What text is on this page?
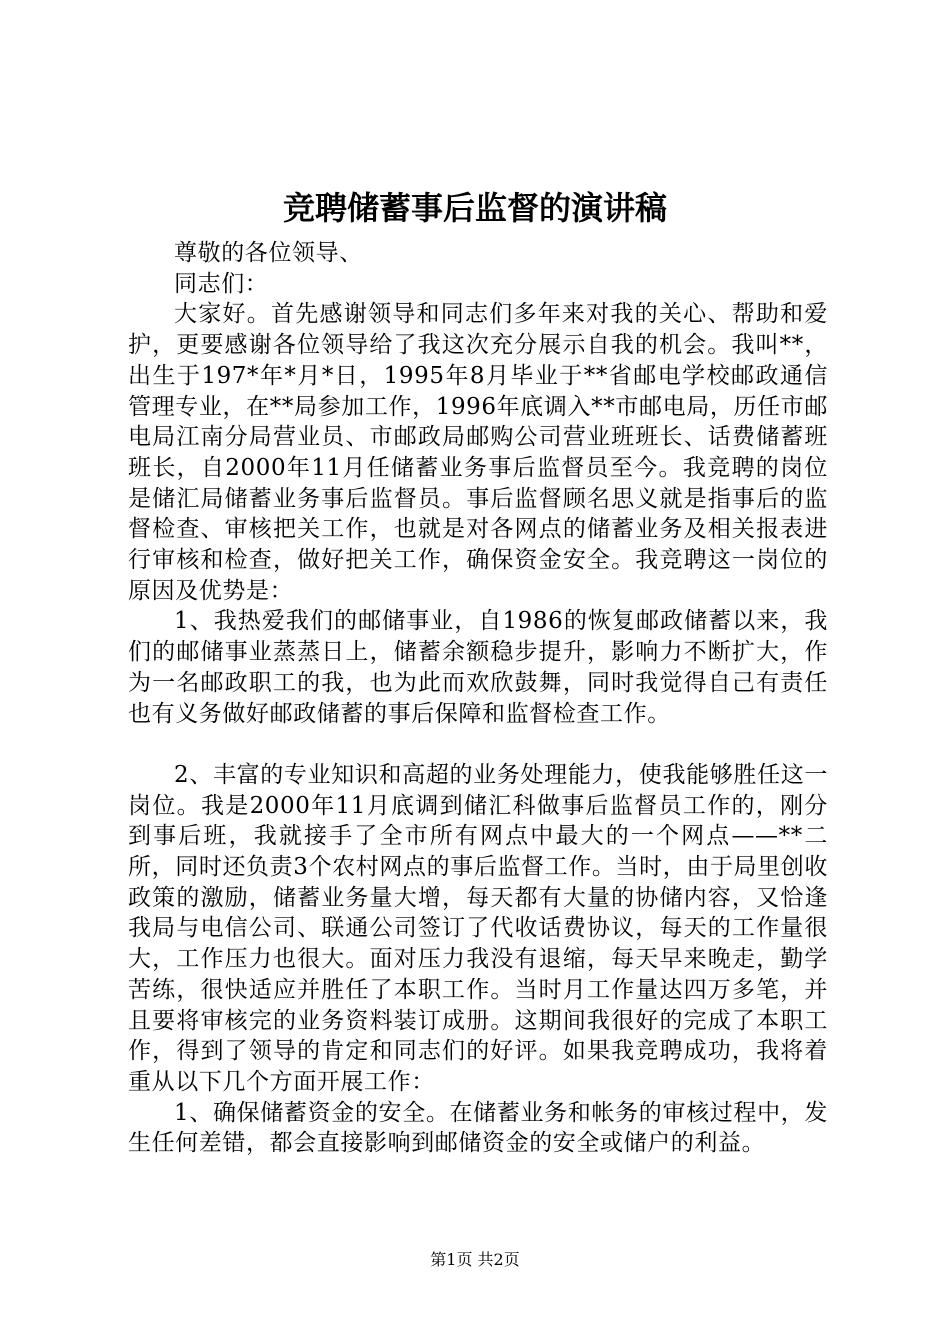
竞聘储蓄事后监督的演讲稿

尊敬的各位领导、

同志们：

大家好。首先感谢领导和同志们多年来对我的关心、帮助和爱护，更要感谢各位领导给了我这次充分展示自我的机会。我叫**，出生于197*年*月*日，1995年8月毕业于**省邮电学校邮政通信管理专业，在**局参加工作，1996年底调入**市邮电局，历任市邮电局江南分局营业员、市邮政局邮购公司营业班班长、话费储蓄班班长，自2000年11月任储蓄业务事后监督员至今。我竞聘的岗位是储汇局储蓄业务事后监督员。事后监督顾名思义就是指事后的监督检查、审核把关工作，也就是对各网点的储蓄业务及相关报表进行审核和检查，做好把关工作，确保资金安全。我竞聘这一岗位的原因及优势是：

1、我热爱我们的邮储事业，自1986的恢复邮政储蓄以来，我们的邮储事业蒸蒸日上，储蓄余额稳步提升，影响力不断扩大，作为一名邮政职工的我，也为此而欢欣鼓舞，同时我觉得自己有责任也有义务做好邮政储蓄的事后保障和监督检查工作。

2、丰富的专业知识和高超的业务处理能力，使我能够胜任这一岗位。我是2000年11月底调到储汇科做事后监督员工作的，刚分到事后班，我就接手了全市所有网点中最大的一个网点——**二所，同时还负责3个农村网点的事后监督工作。当时，由于局里创收政策的激励，储蓄业务量大增，每天都有大量的协储内容，又恰逢我局与电信公司、联通公司签订了代收话费协议，每天的工作量很大，工作压力也很大。面对压力我没有退缩，每天早来晚走，勤学苦练，很快适应并胜任了本职工作。当时月工作量达四万多笔，并且要将审核完的业务资料装订成册。这期间我很好的完成了本职工作，得到了领导的肯定和同志们的好评。如果我竞聘成功，我将着重从以下几个方面开展工作：

1、确保储蓄资金的安全。在储蓄业务和帐务的审核过程中，发生任何差错，都会直接影响到邮储资金的安全或储户的利益。

第1页 共2页
